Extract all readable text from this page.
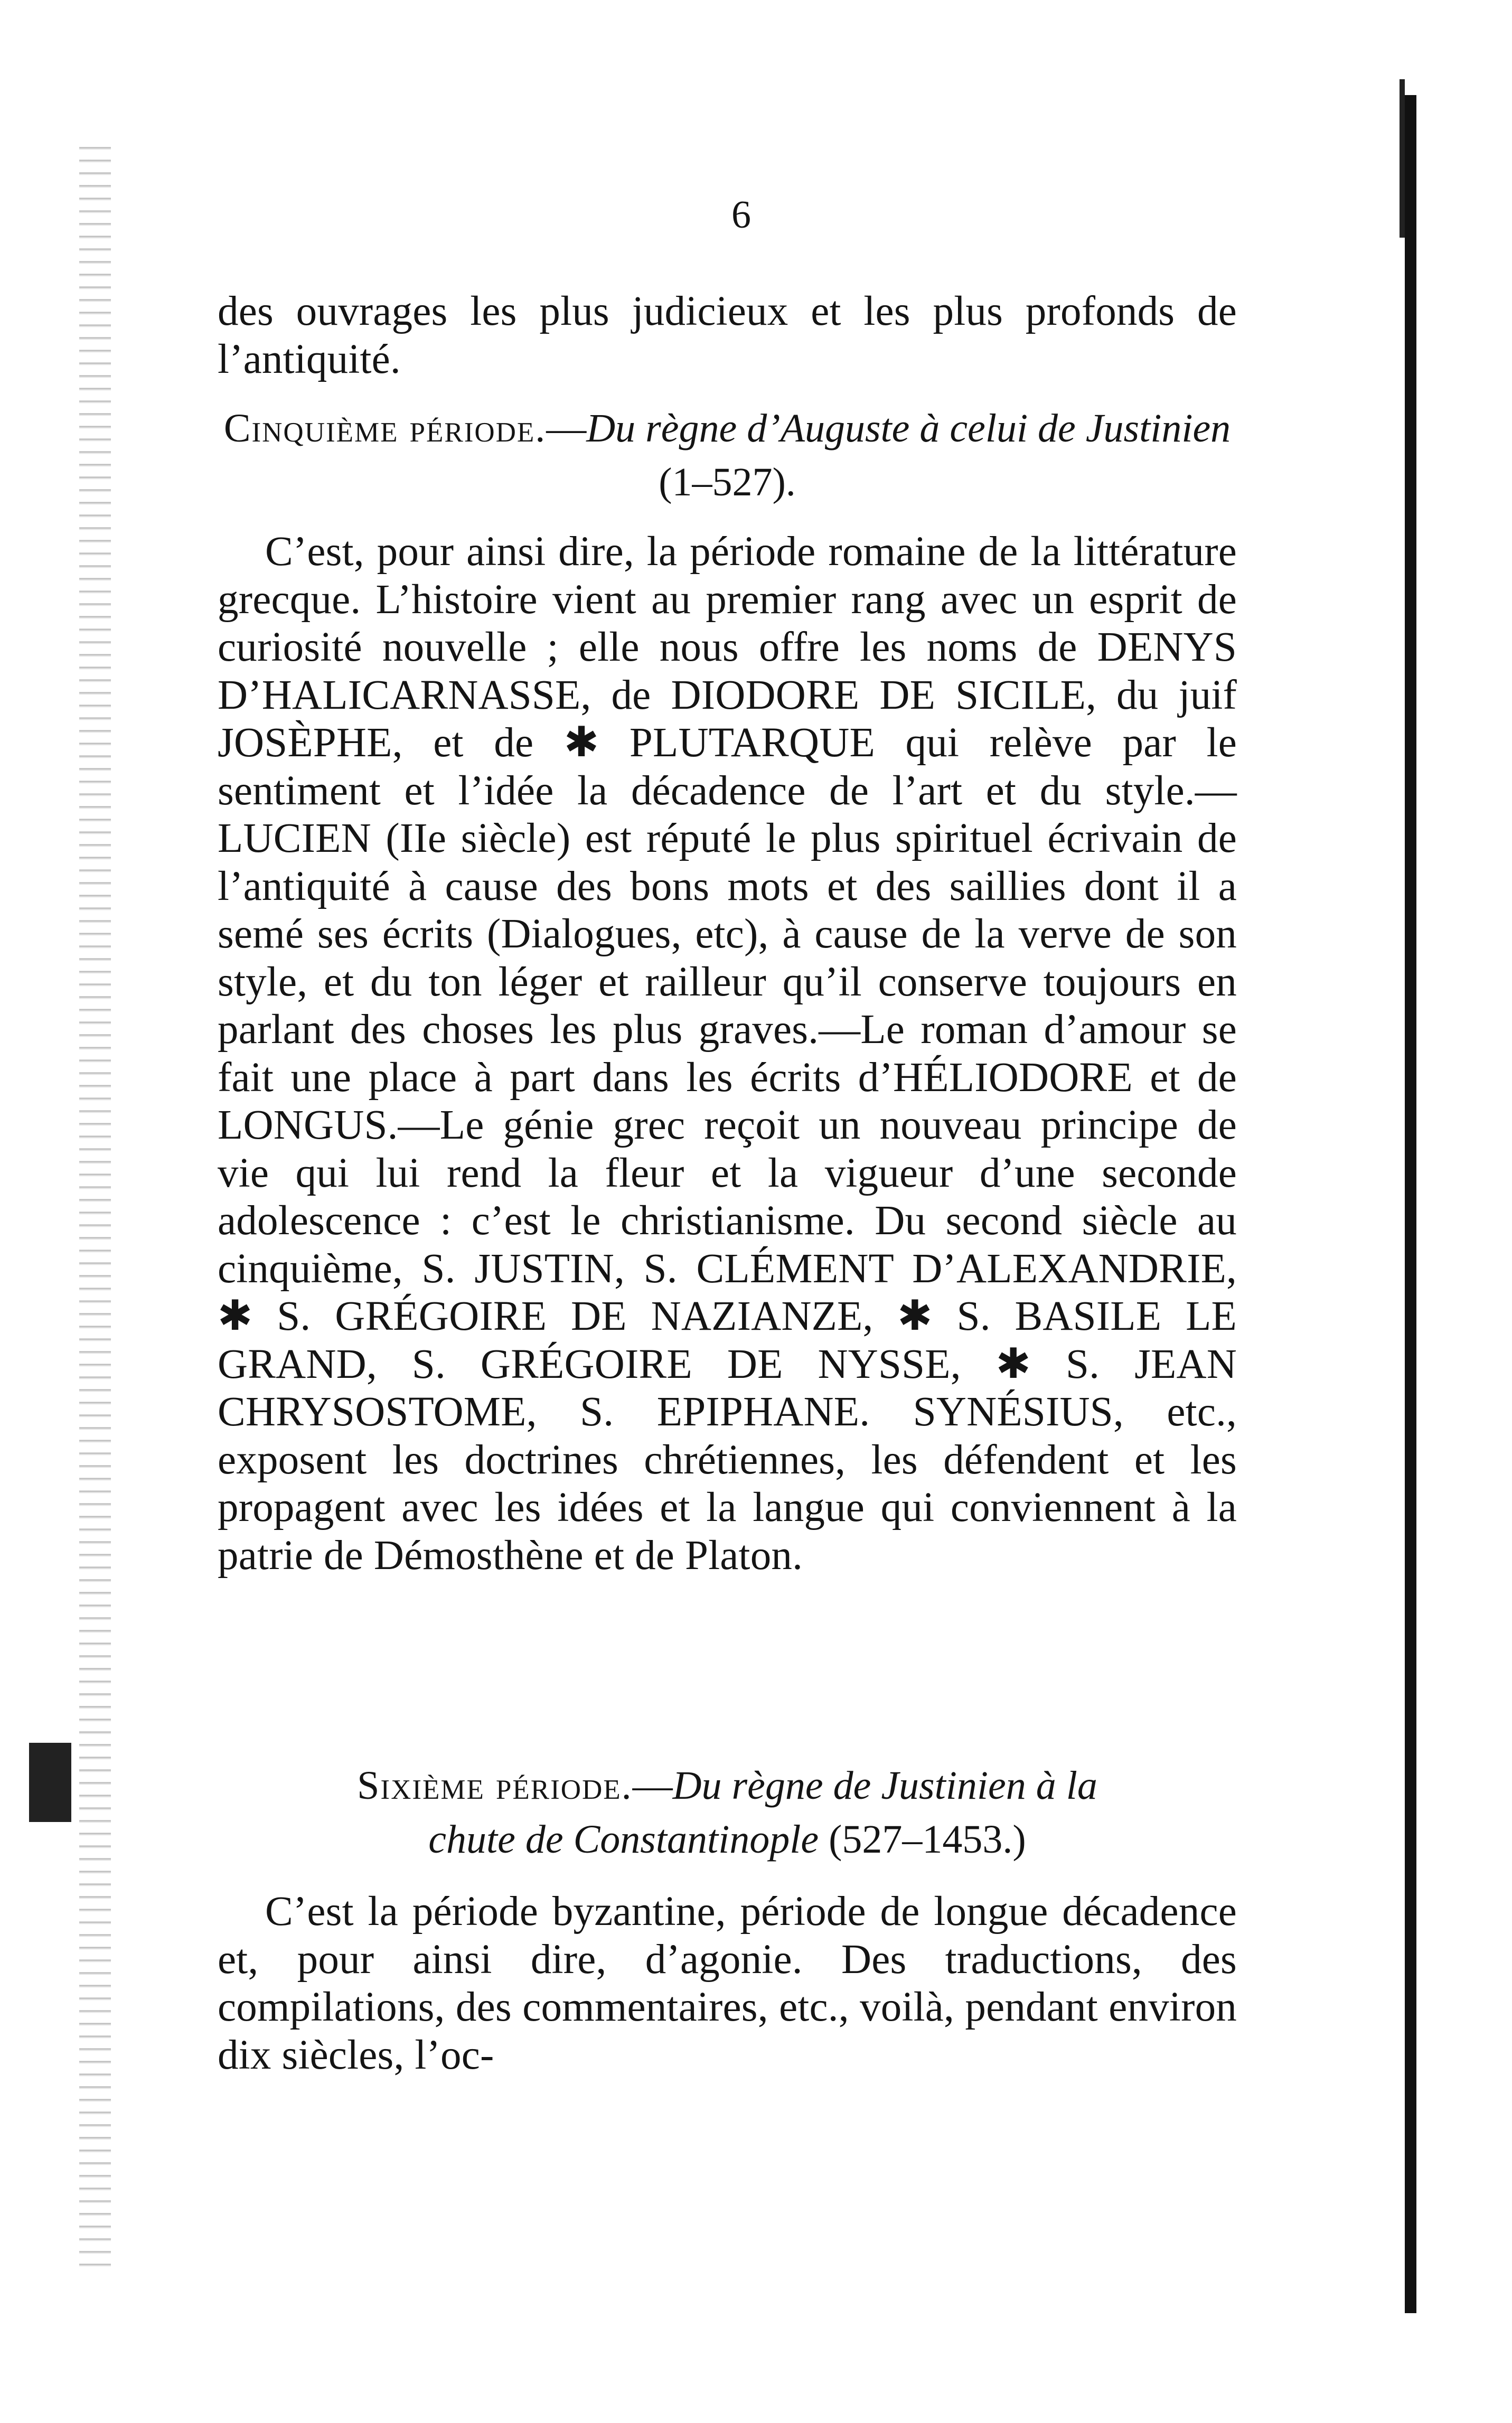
6

des ouvrages les plus judicieux et les plus profonds de l’antiquité.

Cinquième période.—Du règne d’Auguste à celui de Justinien (1–527).

C’est, pour ainsi dire, la période romaine de la littérature grecque. L’histoire vient au premier rang avec un esprit de curiosité nouvelle ; elle nous offre les noms de DENYS D’HALICARNASSE, de DIODORE DE SICILE, du juif JOSÈPHE, et de ✱ PLUTARQUE qui relève par le sentiment et l’idée la décadence de l’art et du style.—LUCIEN (IIe siècle) est réputé le plus spirituel écrivain de l’antiquité à cause des bons mots et des saillies dont il a semé ses écrits (Dialogues, etc), à cause de la verve de son style, et du ton léger et railleur qu’il conserve toujours en parlant des choses les plus graves.—Le roman d’amour se fait une place à part dans les écrits d’HÉLIODORE et de LONGUS.—Le génie grec reçoit un nouveau principe de vie qui lui rend la fleur et la vigueur d’une seconde adolescence : c’est le christianisme. Du second siècle au cinquième, S. JUSTIN, S. CLÉMENT D’ALEXANDRIE, ✱ S. GRÉGOIRE DE NAZIANZE, ✱ S. BASILE LE GRAND, S. GRÉGOIRE DE NYSSE, ✱ S. JEAN CHRYSOSTOME, S. EPIPHANE. SYNÉSIUS, etc., exposent les doctrines chrétiennes, les défendent et les propagent avec les idées et la langue qui conviennent à la patrie de Démosthène et de Platon.

Sixième période.—Du règne de Justinien à la
chute de Constantinople (527–1453.)

C’est la période byzantine, période de longue décadence et, pour ainsi dire, d’agonie. Des traductions, des compilations, des commentaires, etc., voilà, pendant environ dix siècles, l’oc-
